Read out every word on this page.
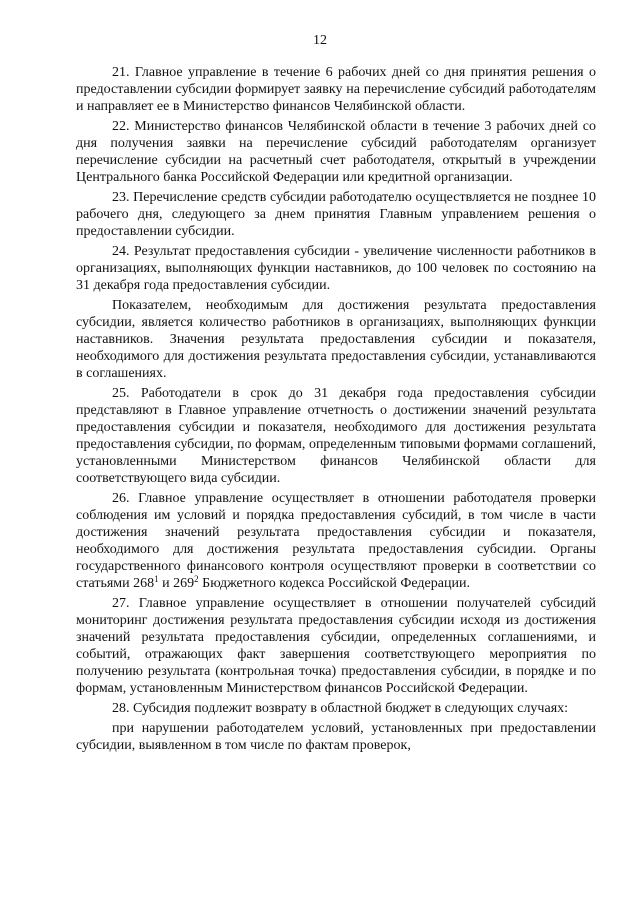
12

21. Главное управление в течение 6 рабочих дней со дня принятия решения о предоставлении субсидии формирует заявку на перечисление субсидий работодателям и направляет ее в Министерство финансов Челябинской области.

22. Министерство финансов Челябинской области в течение 3 рабочих дней со дня получения заявки на перечисление субсидий работодателям организует перечисление субсидии на расчетный счет работодателя, открытый в учреждении Центрального банка Российской Федерации или кредитной организации.

23. Перечисление средств субсидии работодателю осуществляется не позднее 10 рабочего дня, следующего за днем принятия Главным управлением решения о предоставлении субсидии.

24. Результат предоставления субсидии - увеличение численности работников в организациях, выполняющих функции наставников, до 100 человек по состоянию на 31 декабря года предоставления субсидии.

Показателем, необходимым для достижения результата предоставления субсидии, является количество работников в организациях, выполняющих функции наставников. Значения результата предоставления субсидии и показателя, необходимого для достижения результата предоставления субсидии, устанавливаются в соглашениях.

25. Работодатели в срок до 31 декабря года предоставления субсидии представляют в Главное управление отчетность о достижении значений результата предоставления субсидии и показателя, необходимого для достижения результата предоставления субсидии, по формам, определенным типовыми формами соглашений, установленными Министерством финансов Челябинской области для соответствующего вида субсидии.

26. Главное управление осуществляет в отношении работодателя проверки соблюдения им условий и порядка предоставления субсидий, в том числе в части достижения значений результата предоставления субсидии и показателя, необходимого для достижения результата предоставления субсидии. Органы государственного финансового контроля осуществляют проверки в соответствии со статьями $268^1$ и $269^2$ Бюджетного кодекса Российской Федерации.

27. Главное управление осуществляет в отношении получателей субсидий мониторинг достижения результата предоставления субсидии исходя из достижения значений результата предоставления субсидии, определенных соглашениями, и событий, отражающих факт завершения соответствующего мероприятия по получению результата (контрольная точка) предоставления субсидии, в порядке и по формам, установленным Министерством финансов Российской Федерации.

28. Субсидия подлежит возврату в областной бюджет в следующих случаях:

при нарушении работодателем условий, установленных при предоставлении субсидии, выявленном в том числе по фактам проверок,
